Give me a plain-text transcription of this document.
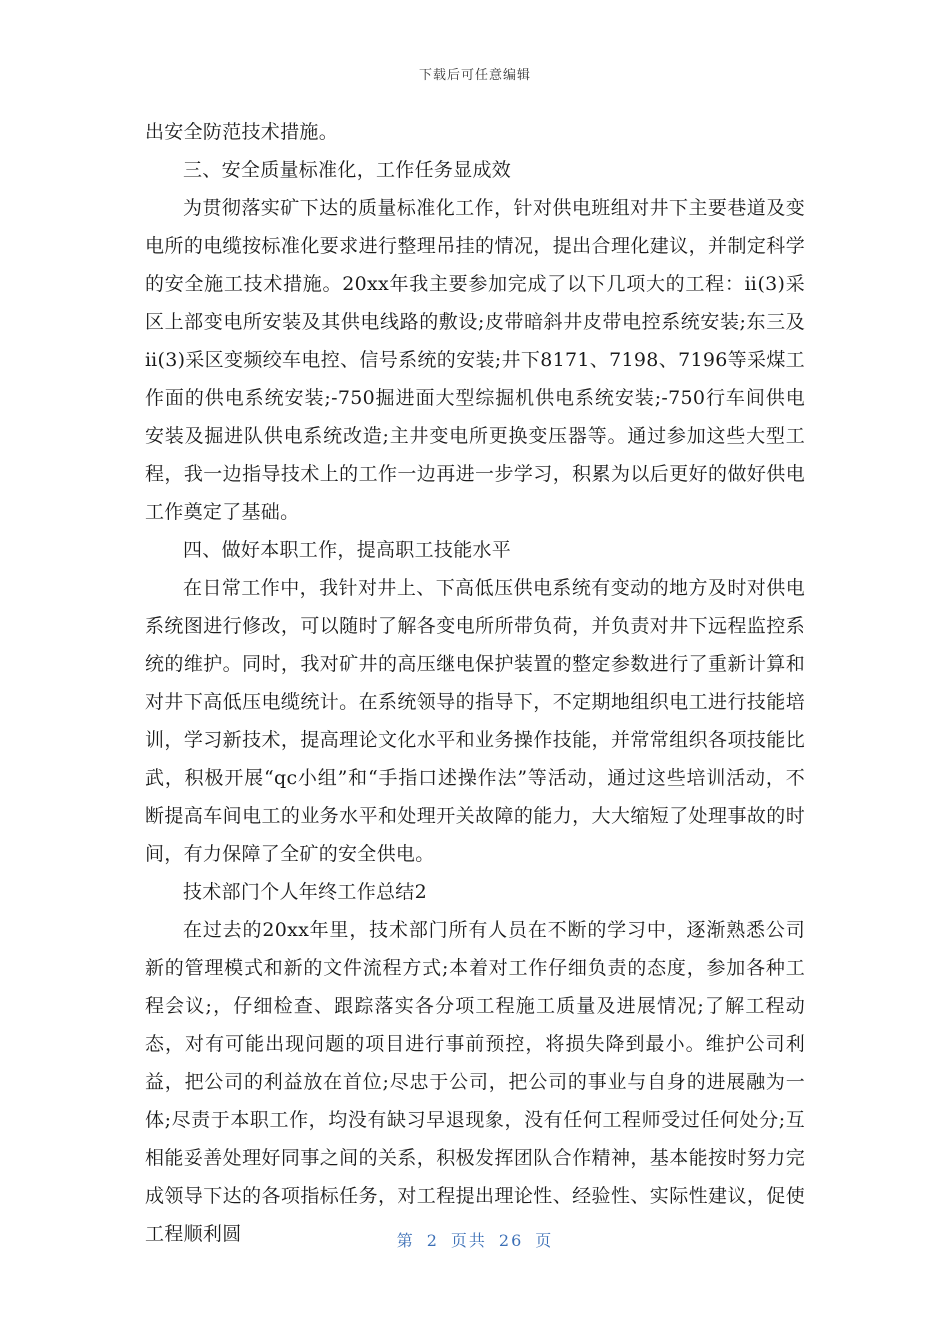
下载后可任意编辑

出安全防范技术措施。

三、安全质量标准化，工作任务显成效

为贯彻落实矿下达的质量标准化工作，针对供电班组对井下主要巷道及变电所的电缆按标准化要求进行整理吊挂的情况，提出合理化建议，并制定科学的安全施工技术措施。20xx年我主要参加完成了以下几项大的工程：ⅱ(3)采区上部变电所安装及其供电线路的敷设;皮带暗斜井皮带电控系统安装;东三及ⅱ(3)采区变频绞车电控、信号系统的安装;井下8171、7198、7196等采煤工作面的供电系统安装;-750掘进面大型综掘机供电系统安装;-750行车间供电安装及掘进队供电系统改造;主井变电所更换变压器等。通过参加这些大型工程，我一边指导技术上的工作一边再进一步学习，积累为以后更好的做好供电工作奠定了基础。

四、做好本职工作，提高职工技能水平

在日常工作中，我针对井上、下高低压供电系统有变动的地方及时对供电系统图进行修改，可以随时了解各变电所所带负荷，并负责对井下远程监控系统的维护。同时，我对矿井的高压继电保护装置的整定参数进行了重新计算和对井下高低压电缆统计。在系统领导的指导下，不定期地组织电工进行技能培训，学习新技术，提高理论文化水平和业务操作技能，并常常组织各项技能比武，积极开展“qc小组”和“手指口述操作法”等活动，通过这些培训活动，不断提高车间电工的业务水平和处理开关故障的能力，大大缩短了处理事故的时间，有力保障了全矿的安全供电。

技术部门个人年终工作总结2

在过去的20xx年里，技术部门所有人员在不断的学习中，逐渐熟悉公司新的管理模式和新的文件流程方式;本着对工作仔细负责的态度，参加各种工程会议;，仔细检查、跟踪落实各分项工程施工质量及进展情况;了解工程动态，对有可能出现问题的项目进行事前预控，将损失降到最小。维护公司利益，把公司的利益放在首位;尽忠于公司，把公司的事业与自身的进展融为一体;尽责于本职工作，均没有缺习早退现象，没有任何工程师受过任何处分;互相能妥善处理好同事之间的关系，积极发挥团队合作精神，基本能按时努力完成领导下达的各项指标任务，对工程提出理论性、经验性、实际性建议，促使工程顺利圆	第 2 页共 26 页
